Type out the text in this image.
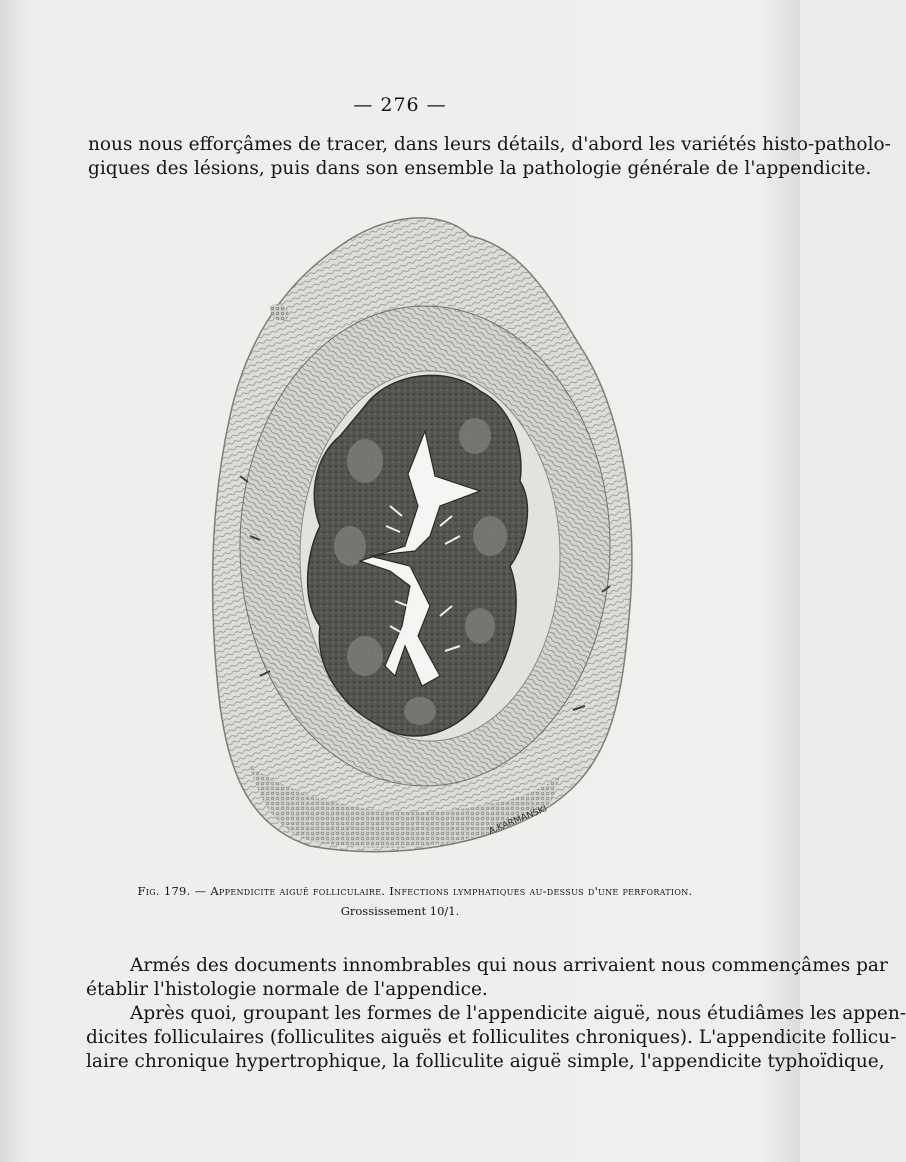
— 276 —
nous nous efforçâmes de tracer, dans leurs détails, d'abord les variétés histo-patholo-
giques des lésions, puis dans son ensemble la pathologie générale de l'appendicite.
A.KARMANSKI
Fig. 179. — Appendicite aiguë folliculaire. Infections lymphatiques au-dessus d'une perforation.
Grossissement 10/1.
Armés des documents innombrables qui nous arrivaient nous commençâmes par
établir l'histologie normale de l'appendice.
Après quoi, groupant les formes de l'appendicite aiguë, nous étudiâmes les appen-
dicites folliculaires (folliculites aiguës et folliculites chroniques). L'appendicite follicu-
laire chronique hypertrophique, la folliculite aiguë simple, l'appendicite typhoïdique,
